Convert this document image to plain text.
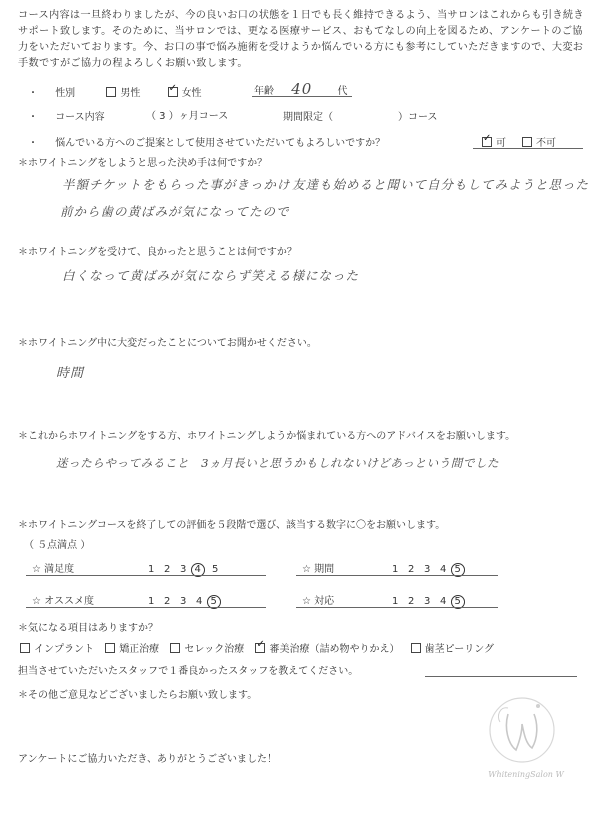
コース内容は一旦終わりましたが、今の良いお口の状態を１日でも長く維持できるよう、当サロンはこれからも引き続きサポート致します。そのために、当サロンでは、更なる医療サービス、おもてなしの向上を図るため、アンケートのご協力をいただいております。今、お口の事で悩み施術を受けようか悩んでいる方にも参考にしていただきますので、大変お手数ですがご協力の程よろしくお願い致します。
・ 性別	男性 ✓	女性	年齢 40	代
・ コース内容	（ 3 ）ヶ月コース	期間限定（	）コース
・ 悩んでいる方へのご提案として使用させていただいてもよろしいですか？ ✓	可	不可
＊ホワイトニングをしようと思った決め手は何ですか？
半額チケットをもらった事がきっかけ 友達も始めると聞いて自分もしてみようと思った
前から歯の黄ばみが気になってたので
＊ホワイトニングを受けて、良かったと思うことは何ですか？
白くなって黄ばみが気にならず笑える様になった
＊ホワイトニング中に大変だったことについてお聞かせください。
時間
＊これからホワイトニングをする方、ホワイトニングしようか悩まれている方へのアドバイスをお願いします。
迷ったらやってみること　3ヵ月長いと思うかもしれないけどあっという間でした
＊ホワイトニングコースを終了しての評価を５段階で選び、該当する数字に〇をお願いします。
（ ５点満点 ）
☆ 満足度	1 2 3 4 5	☆ 期間	1 2 3 4 5
☆ オススメ度	1 2 3 4 5	☆ 対応	1 2 3 4 5
＊気になる項目はありますか？
インプラント	矯正治療	セレック治療 ✓	審美治療（詰め物やりかえ）	歯茎ピーリング
担当させていただいたスタッフで１番良かったスタッフを教えてください。
＊その他ご意見などございましたらお願い致します。
アンケートにご協力いただき、ありがとうございました！
WhiteningSalon W
